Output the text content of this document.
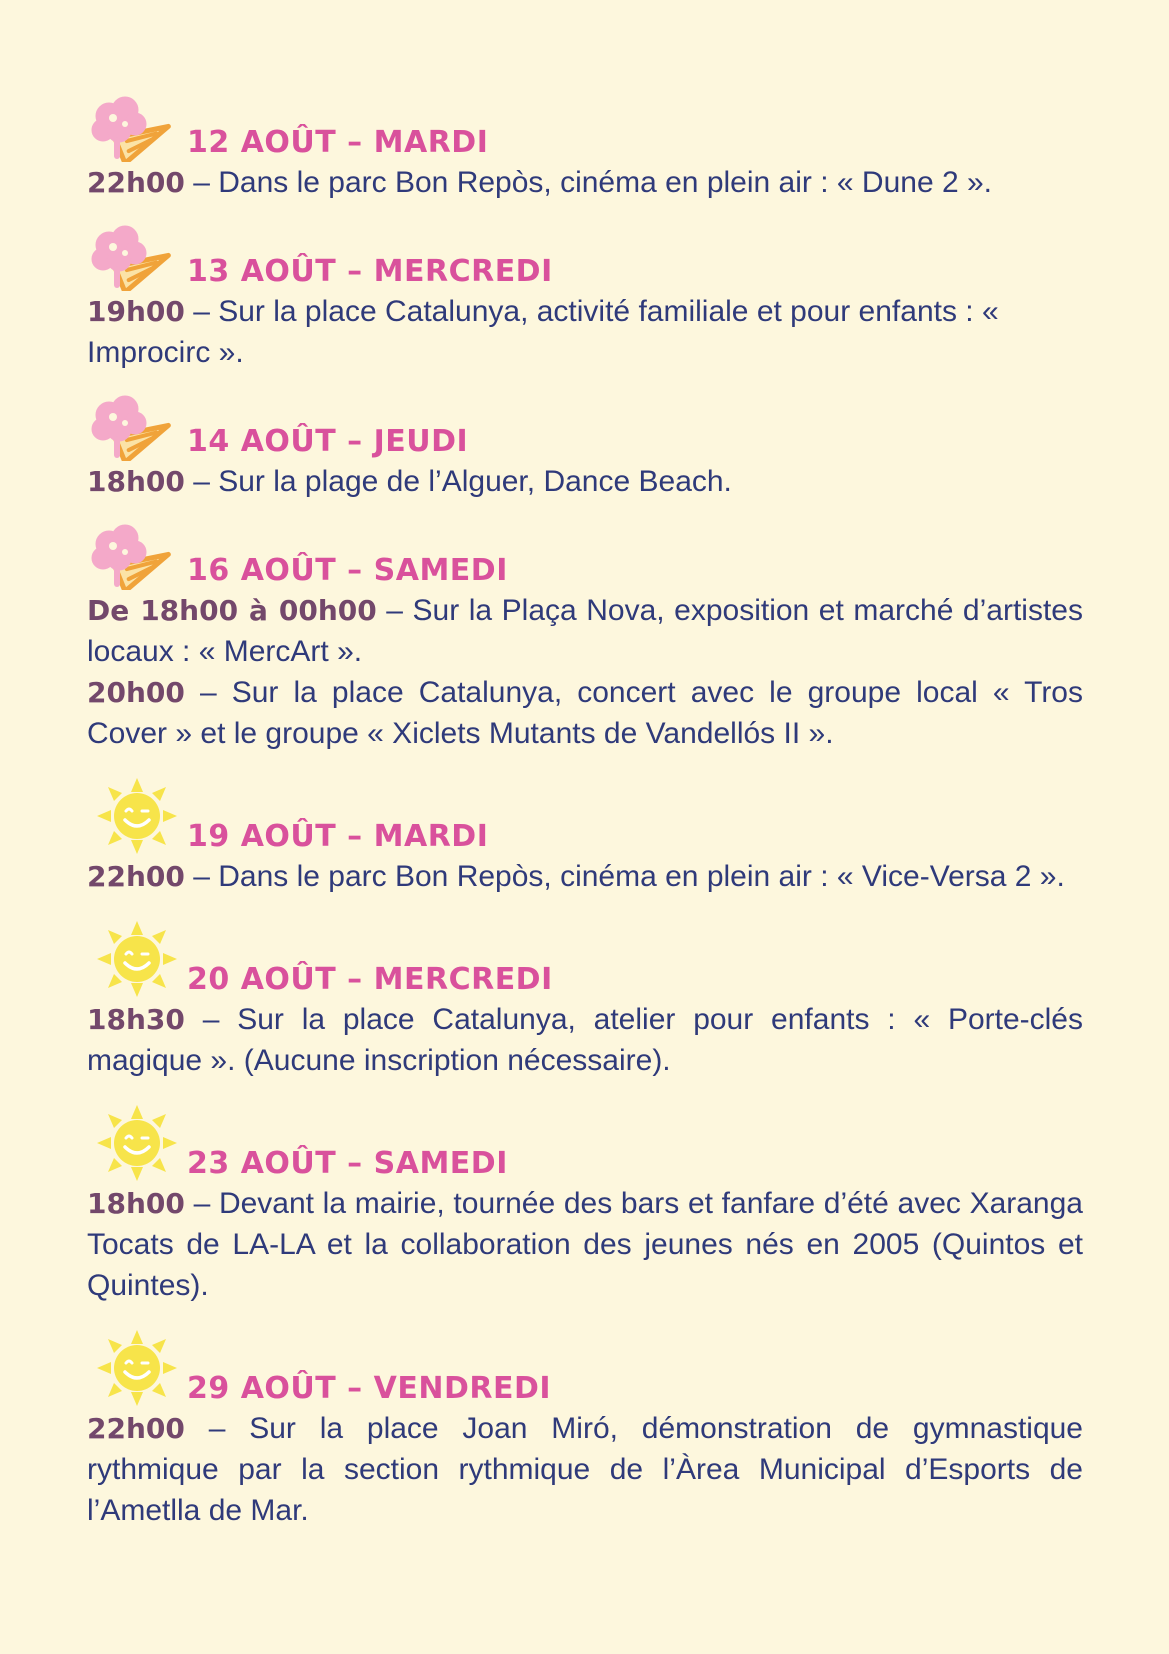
12 AOÛT – MARDI
22h00 – Dans le parc Bon Repòs, cinéma en plein air : « Dune 2 ».
13 AOÛT – MERCREDI
19h00 – Sur la place Catalunya, activité familiale et pour enfants : « Improcirc ».
14 AOÛT – JEUDI
18h00 – Sur la plage de l’Alguer, Dance Beach.
16 AOÛT – SAMEDI
De 18h00 à 00h00 – Sur la Plaça Nova, exposition et marché d’artistes locaux : « MercArt ».
20h00 – Sur la place Catalunya, concert avec le groupe local « Tros Cover » et le groupe « Xiclets Mutants de Vandellós II ».
19 AOÛT – MARDI
22h00 – Dans le parc Bon Repòs, cinéma en plein air : « Vice-Versa 2 ».
20 AOÛT – MERCREDI
18h30 – Sur la place Catalunya, atelier pour enfants : « Porte-clés magique ». (Aucune inscription nécessaire).
23 AOÛT – SAMEDI
18h00 – Devant la mairie, tournée des bars et fanfare d’été avec Xaranga Tocats de LA-LA et la collaboration des jeunes nés en 2005 (Quintos et Quintes).
29 AOÛT – VENDREDI
22h00 – Sur la place Joan Miró, démonstration de gymnastique rythmique par la section rythmique de l’Àrea Municipal d’Esports de l’Ametlla de Mar.
